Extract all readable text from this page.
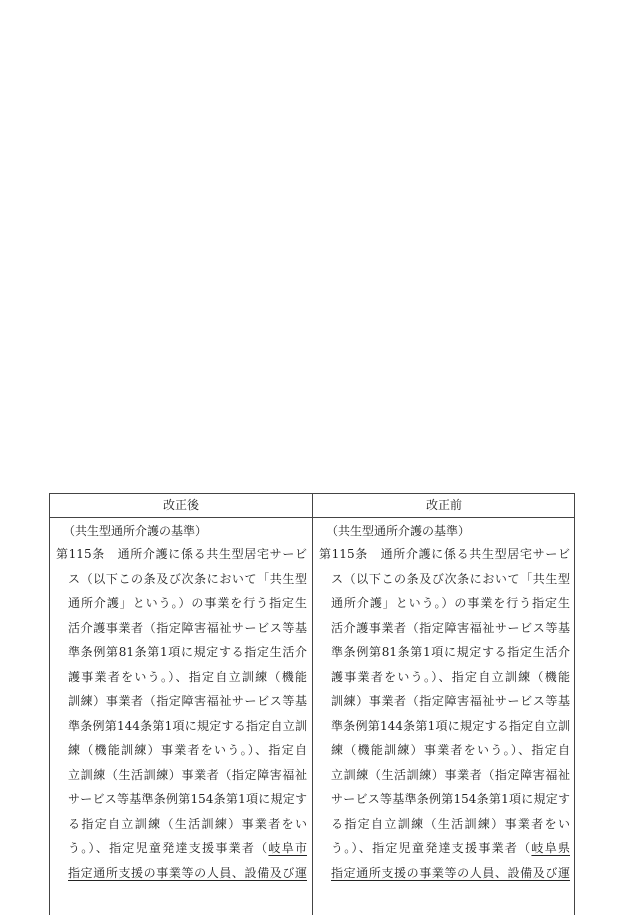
改正後
（共生型通所介護の基準）
第115条　通所介護に係る共生型居宅サービ
ス（以下この条及び次条において「共生型
通所介護」という。）の事業を行う指定生
活介護事業者（指定障害福祉サービス等基
準条例第81条第1項に規定する指定生活介
護事業者をいう。）、指定自立訓練（機能
訓練）事業者（指定障害福祉サービス等基
準条例第144条第1項に規定する指定自立訓
練（機能訓練）事業者をいう。）、指定自
立訓練（生活訓練）事業者（指定障害福祉
サービス等基準条例第154条第1項に規定す
る指定自立訓練（生活訓練）事業者をい
う。）、指定児童発達支援事業者（岐阜市
指定通所支援の事業等の人員、設備及び運
改正前
（共生型通所介護の基準）
第115条　通所介護に係る共生型居宅サービ
ス（以下この条及び次条において「共生型
通所介護」という。）の事業を行う指定生
活介護事業者（指定障害福祉サービス等基
準条例第81条第1項に規定する指定生活介
護事業者をいう。）、指定自立訓練（機能
訓練）事業者（指定障害福祉サービス等基
準条例第144条第1項に規定する指定自立訓
練（機能訓練）事業者をいう。）、指定自
立訓練（生活訓練）事業者（指定障害福祉
サービス等基準条例第154条第1項に規定す
る指定自立訓練（生活訓練）事業者をい
う。）、指定児童発達支援事業者（岐阜県
指定通所支援の事業等の人員、設備及び運
